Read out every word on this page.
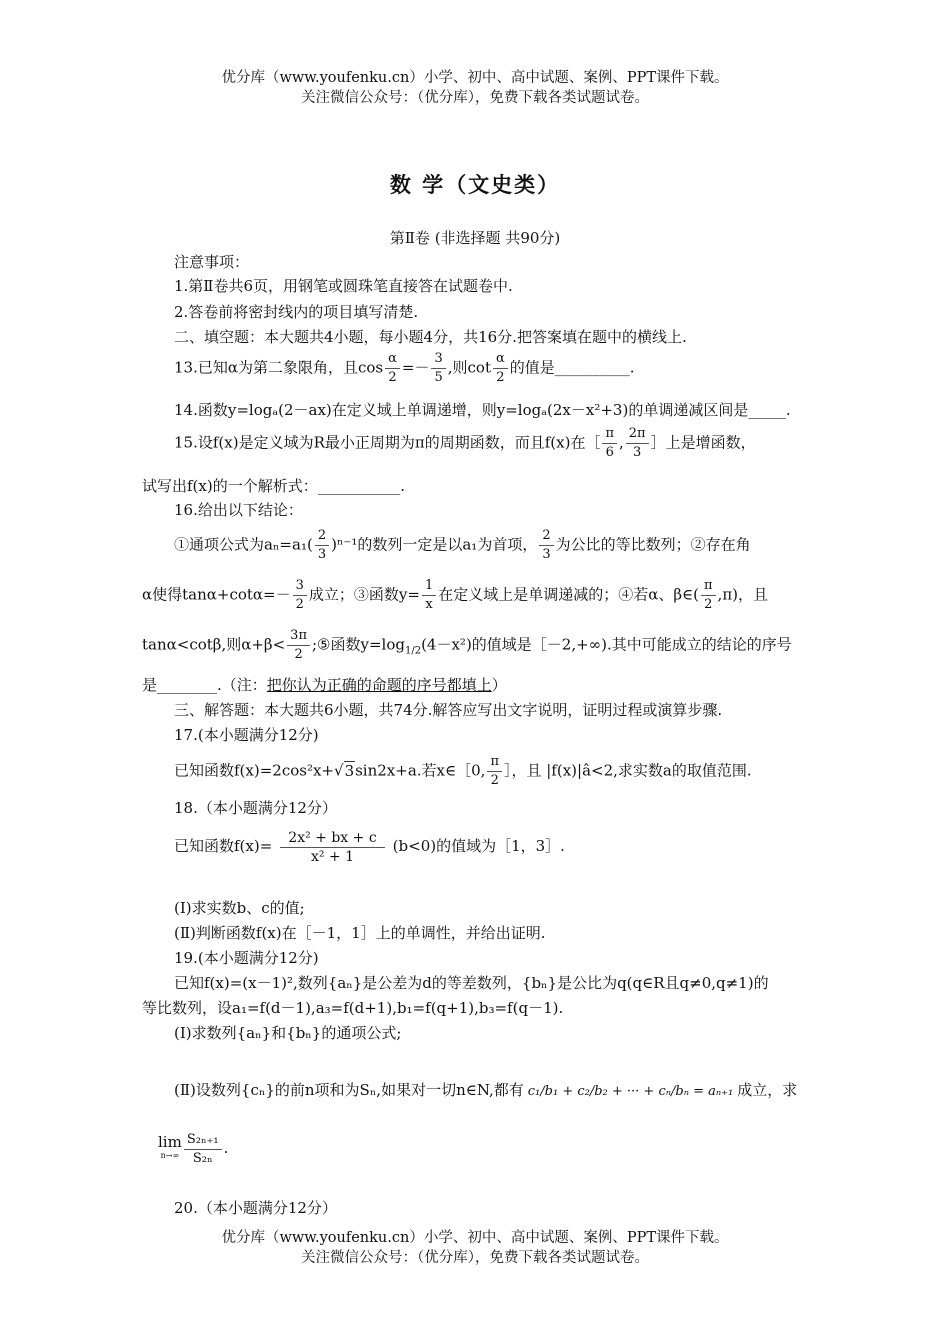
优分库（www.youfenku.cn）小学、初中、高中试题、案例、PPT课件下载。
关注微信公众号：（优分库），免费下载各类试题试卷。
数 学（文史类）
第Ⅱ卷 (非选择题 共90分)
注意事项：
1.第Ⅱ卷共6页，用钢笔或圆珠笔直接答在试题卷中.
2.答卷前将密封线内的项目填写清楚.
二、填空题：本大题共4小题，每小题4分，共16分.把答案填在题中的横线上.
13.已知α为第二象限角，且$\cos \frac{\alpha}{2} =- \frac{3}{5}$ ,则$\cot \frac{\alpha}{2}$ 的值是__________.
14.函数y=logₐ(2－ax)在定义域上单调递增，则y=logₐ(2x－x²+3)的单调递减区间是_____.
15.设f(x)是定义域为R最小正周期为π的周期函数，而且f(x)在［ $\frac{\pi}{6}$ , $\frac{2\pi}{3}$ ］上是增函数，
试写出f(x)的一个解析式：___________.
16.给出以下结论：
①通项公式为$a_n=a_1( \frac{2}{3} )^{n-1}$的数列一定是以a₁为首项， $\frac{2}{3}$ 为公比的等比数列；②存在角
α使得$\tan\alpha+\cot\alpha=- \frac{3}{2}$ 成立；③函数$y= \frac{1}{x}$ 在定义域上是单调递减的；④若α、β∈( $\frac{\pi}{2} ,\pi$)，且
tanα<cotβ,则$\alpha+\beta< \frac{3\pi}{2}$ ;⑤函数$y=\log_{1/2}(4-x^2)$的值域是［－2,+∞).其中可能成立的结论的序号
是________.（注：把你认为正确的命题的序号都填上）
三、解答题：本大题共6小题，共74分.解答应写出文字说明，证明过程或演算步骤.
17.(本小题满分12分)
已知函数f(x)=2cos²x+√3sin2x+a.若x∈［0, $\frac{\pi}{2}$ ］，且 |f(x)|â<2,求实数a的取值范围.
18.（本小题满分12分）
已知函数$f(x)= \frac{\text{2x² + bx + c}}{\text{x² + 1}} (b<0)$的值域为［1，3］.
(Ⅰ)求实数b、c的值;
(Ⅱ)判断函数f(x)在［－1，1］上的单调性，并给出证明.
19.(本小题满分12分)
已知f(x)=(x－1)²,数列{aₙ}是公差为d的等差数列，{bₙ}是公比为q(q∈R且q≠0,q≠1)的
等比数列，设a₁=f(d－1),a₃=f(d+1),b₁=f(q+1),b₃=f(q－1).
(Ⅰ)求数列{aₙ}和{bₙ}的通项公式;
(Ⅱ)设数列{cₙ}的前n项和为Sₙ,如果对一切n∈N,都有 c₁/b₁ + c₂/b₂ + ··· + cₙ/bₙ = aₙ₊₁ 成立，求
lim
$n\to\infty \frac{\text{S₂ₙ₊₁}}{\text{S₂ₙ}}$ .
20.（本小题满分12分）
优分库（www.youfenku.cn）小学、初中、高中试题、案例、PPT课件下载。
关注微信公众号：（优分库），免费下载各类试题试卷。
